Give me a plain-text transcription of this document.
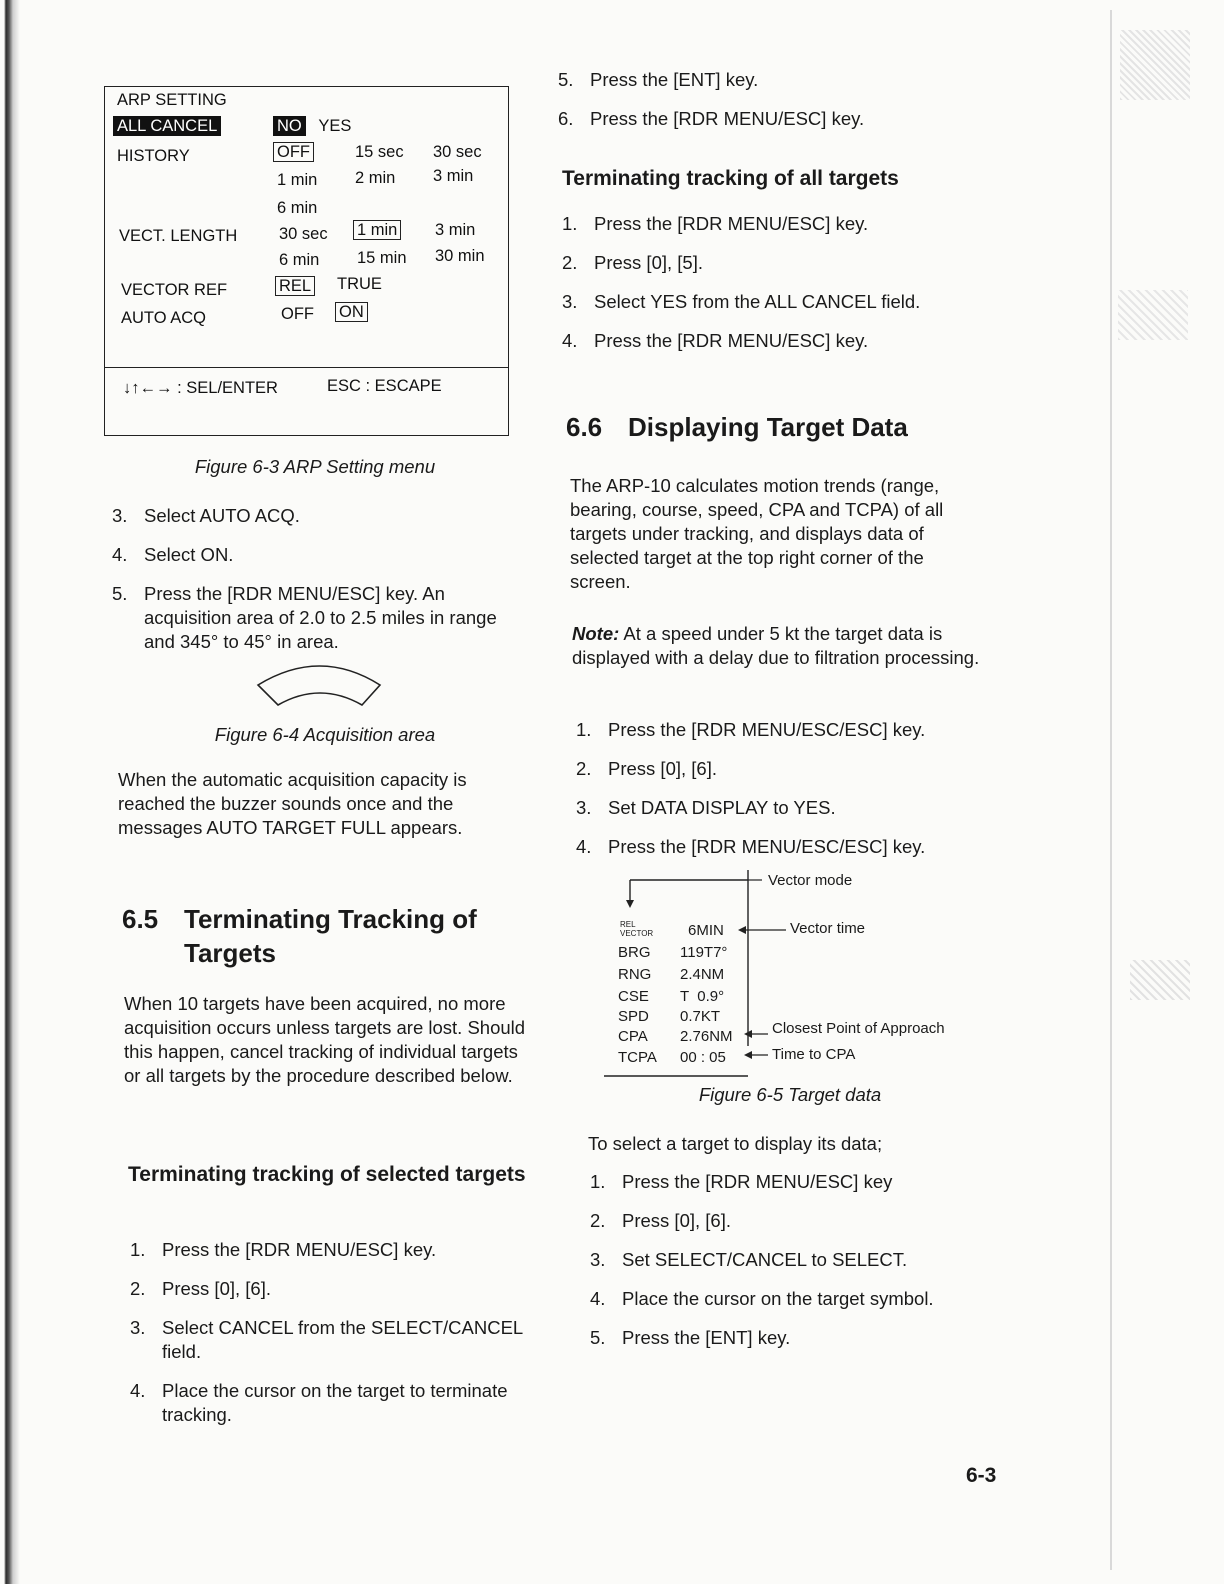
ARP SETTING
ALL CANCEL	NO YES
HISTORY	OFF	15 sec 30 sec
1 min 2 min 3 min
6 min
VECT. LENGTH	30 sec 1 min 3 min
6 min 15 min 30 min
VECTOR REF	REL TRUE
AUTO ACQ	OFF ON
↓↑←→ : SEL/ENTER	ESC : ESCAPE
Figure 6-3 ARP Setting menu
3. Select AUTO ACQ.
4. Select ON.
5. Press the [RDR MENU/ESC] key. An acquisition area of 2.0 to 2.5 miles in range and 345° to 45° in area.
Figure 6-4 Acquisition area

When the automatic acquisition capacity is reached the buzzer sounds once and the messages AUTO TARGET FULL appears.

6.5 Terminating Tracking of Targets

When 10 targets have been acquired, no more acquisition occurs unless targets are lost. Should this happen, cancel tracking of individual targets or all targets by the procedure described below.

Terminating tracking of selected targets
1. Press the [RDR MENU/ESC] key.
2. Press [0], [6].
3. Select CANCEL from the SELECT/CANCEL field.
4. Place the cursor on the target to terminate tracking.
5. Press the [ENT] key.
6. Press the [RDR MENU/ESC] key.
Terminating tracking of all targets
1. Press the [RDR MENU/ESC] key.
2. Press [0], [5].
3. Select YES from the ALL CANCEL field.
4. Press the [RDR MENU/ESC] key.
6.6 Displaying Target Data

The ARP-10 calculates motion trends (range, bearing, course, speed, CPA and TCPA) of all targets under tracking, and displays data of selected target at the top right corner of the screen.

Note: At a speed under 5 kt the target data is displayed with a delay due to filtration processing.

1. Press the [RDR MENU/ESC/ESC] key.
2. Press [0], [6].
3. Set DATA DISPLAY to YES.
4. Press the [RDR MENU/ESC/ESC] key.
Vector mode
Vector time
REL
VECTOR 6MIN
BRG 119T7°
RNG 2.4NM
CSE T  0.9°
SPD 0.7KT
CPA 2.76NM
TCPA 00 : 05
Closest Point of Approach
Time to CPA
Figure 6-5 Target data

To select a target to display its data;

1. Press the [RDR MENU/ESC] key
2. Press [0], [6].
3. Set SELECT/CANCEL to SELECT.
4. Place the cursor on the target symbol.
5. Press the [ENT] key.
6-3
